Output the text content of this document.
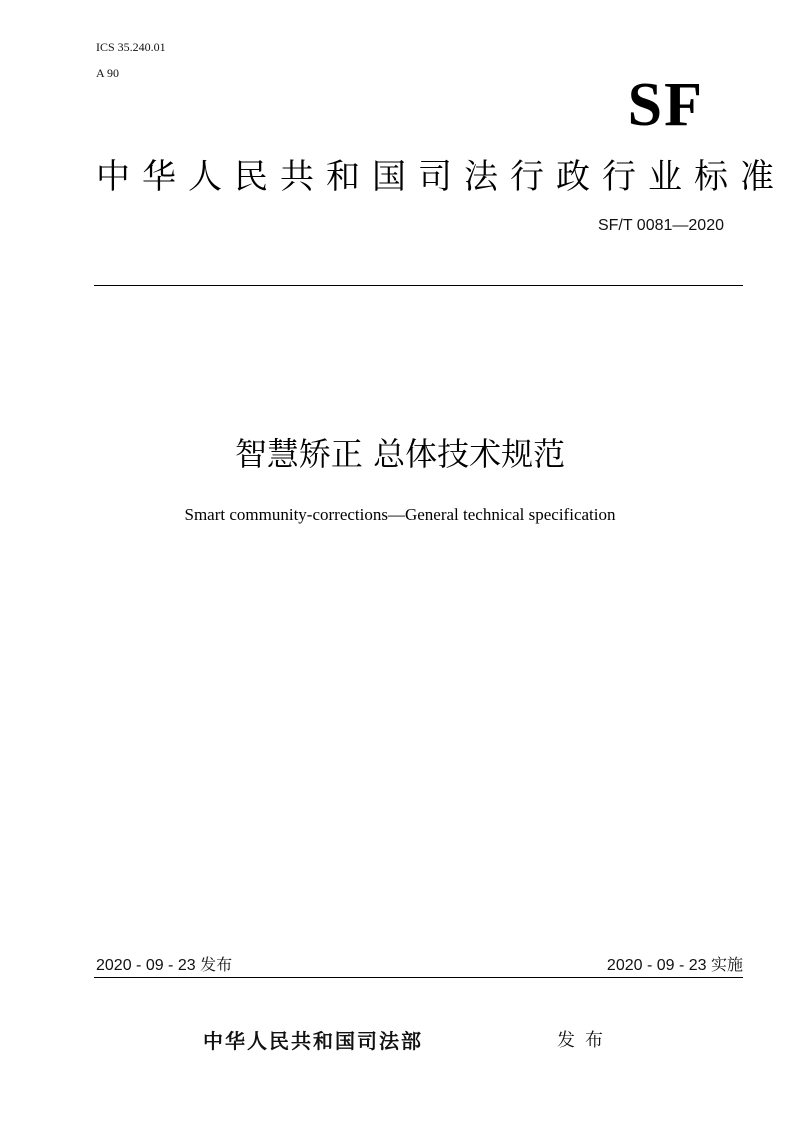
ICS 35.240.01
A 90	SF
中华人民共和国司法行政行业标准
SF/T 0081—2020
智慧矫正 总体技术规范
Smart community-corrections—General technical specification
2020 - 09 - 23 发布	2020 - 09 - 23 实施
中华人民共和国司法部	发布
